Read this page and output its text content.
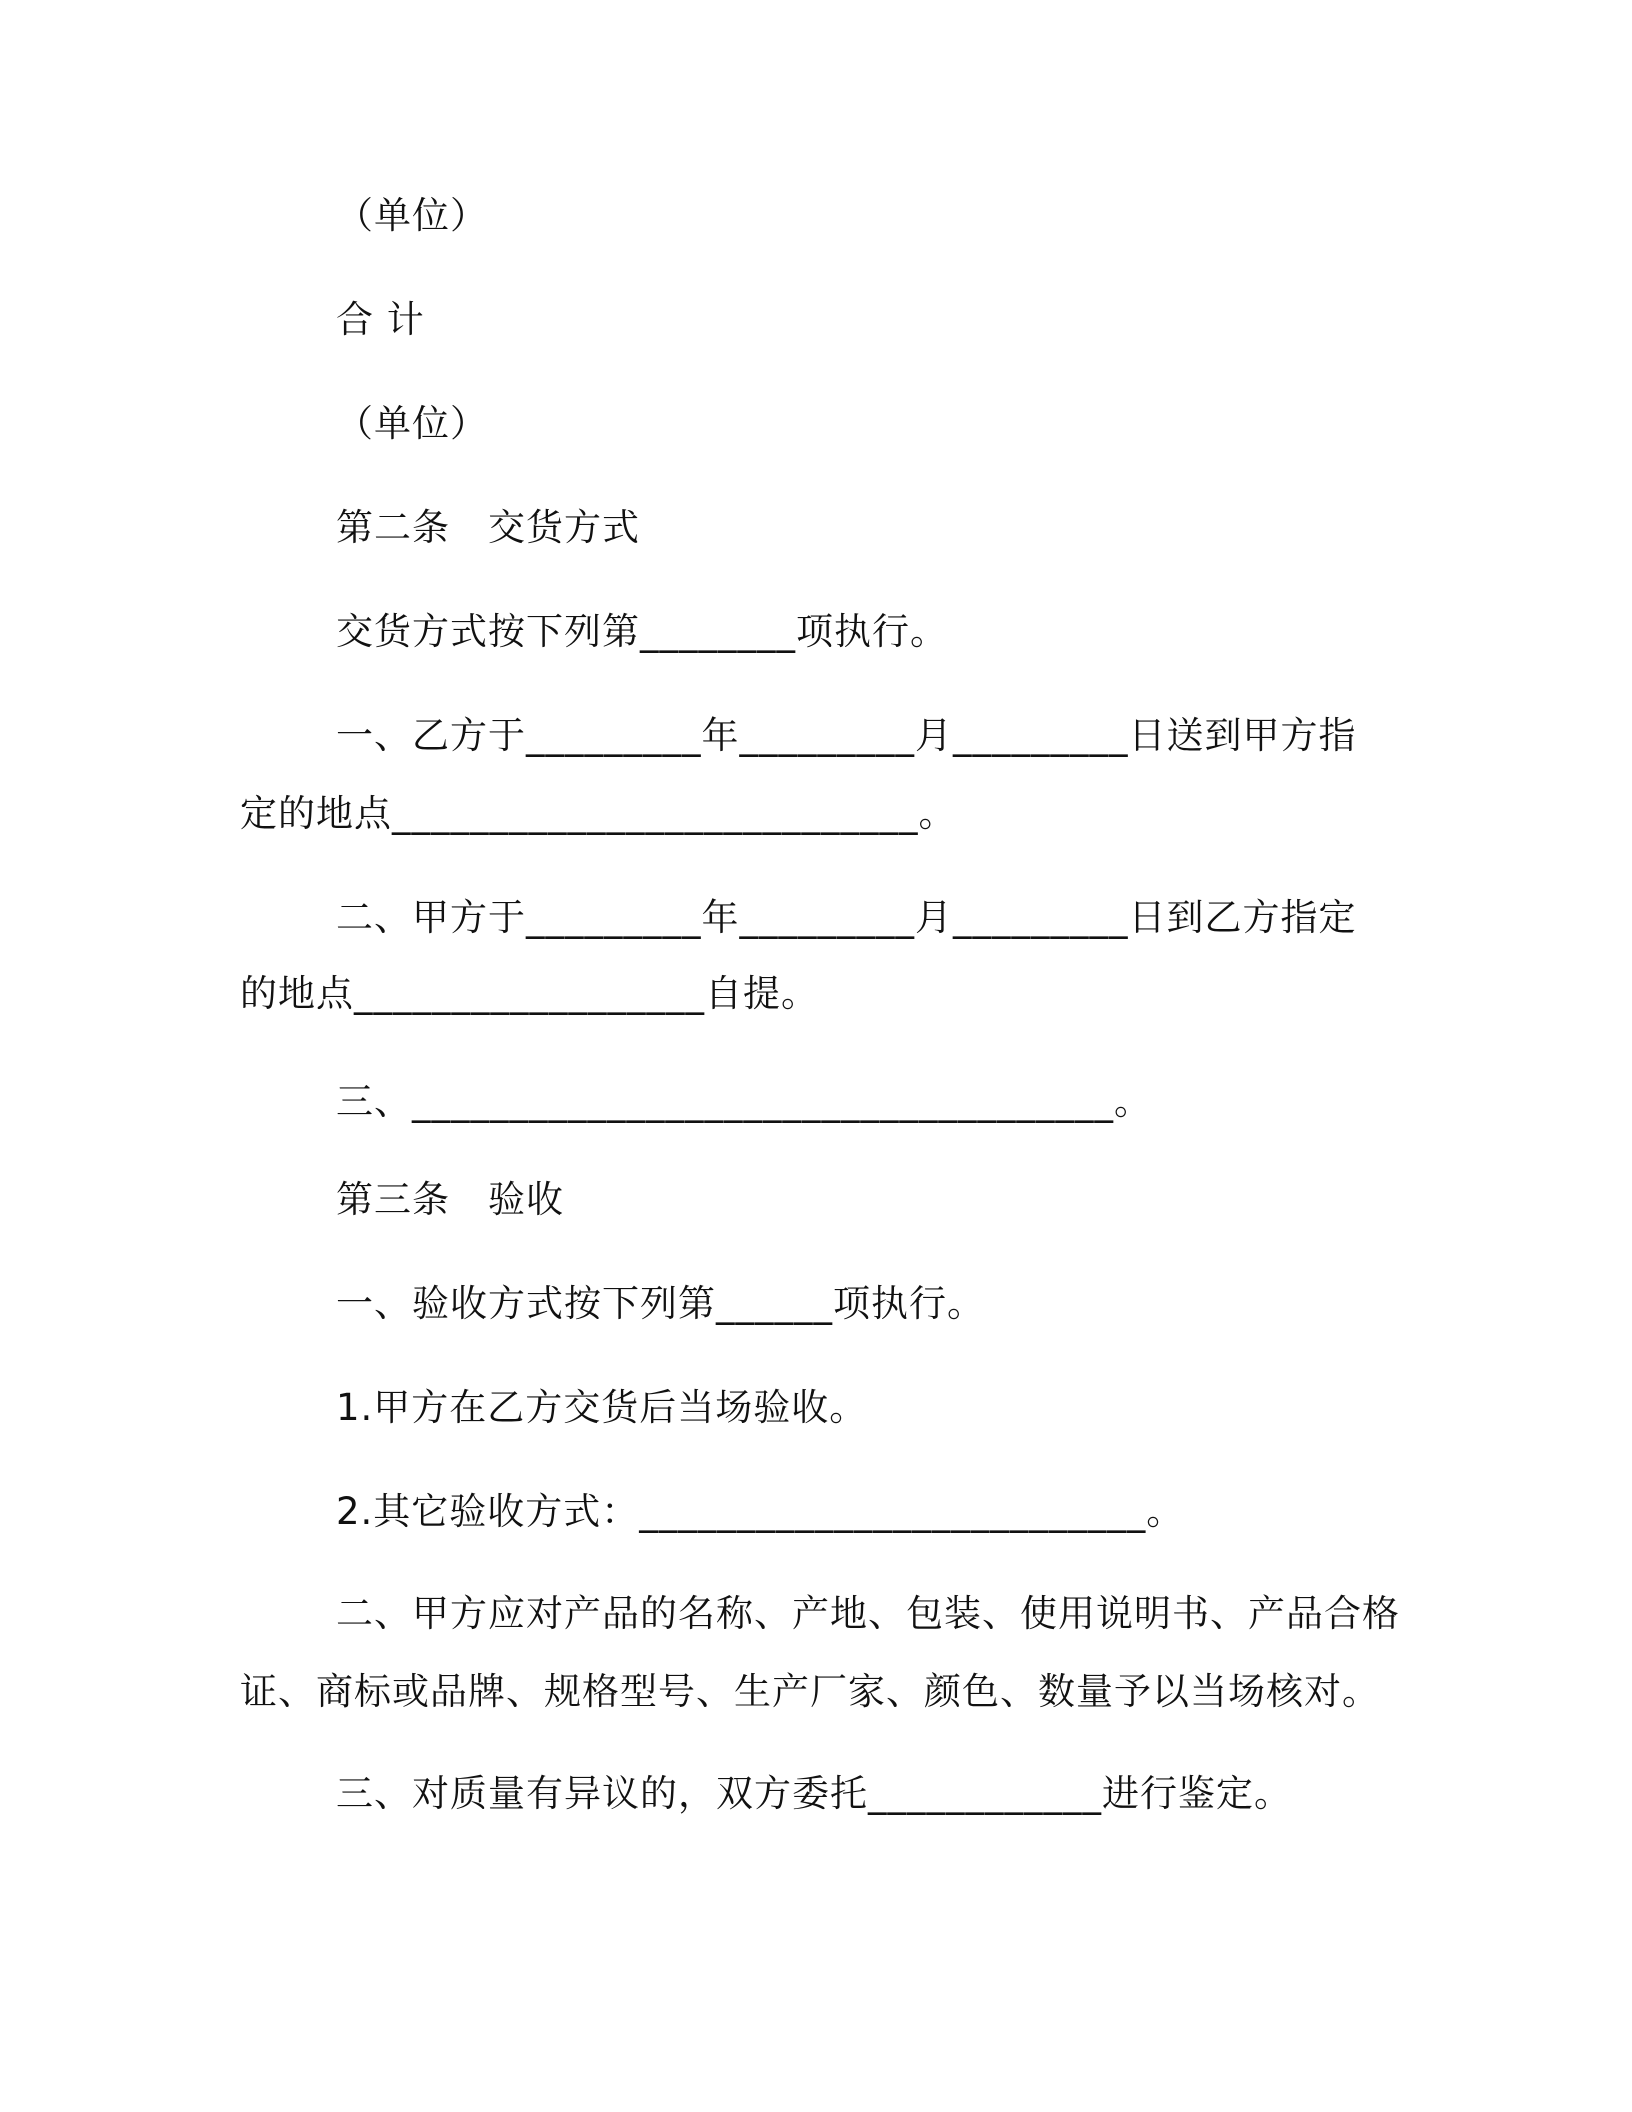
（单位）
合 计
（单位）
第二条　交货方式
交货方式按下列第________项执行。
一、乙方于_________年_________月_________日送到甲方指
定的地点___________________________。
二、甲方于_________年_________月_________日到乙方指定
的地点__________________自提。
三、____________________________________。
第三条　验收
一、验收方式按下列第______项执行。
1.甲方在乙方交货后当场验收。
2.其它验收方式：__________________________。
二、甲方应对产品的名称、产地、包装、使用说明书、产品合格
证、商标或品牌、规格型号、生产厂家、颜色、数量予以当场核对。
三、对质量有异议的，双方委托____________进行鉴定。
